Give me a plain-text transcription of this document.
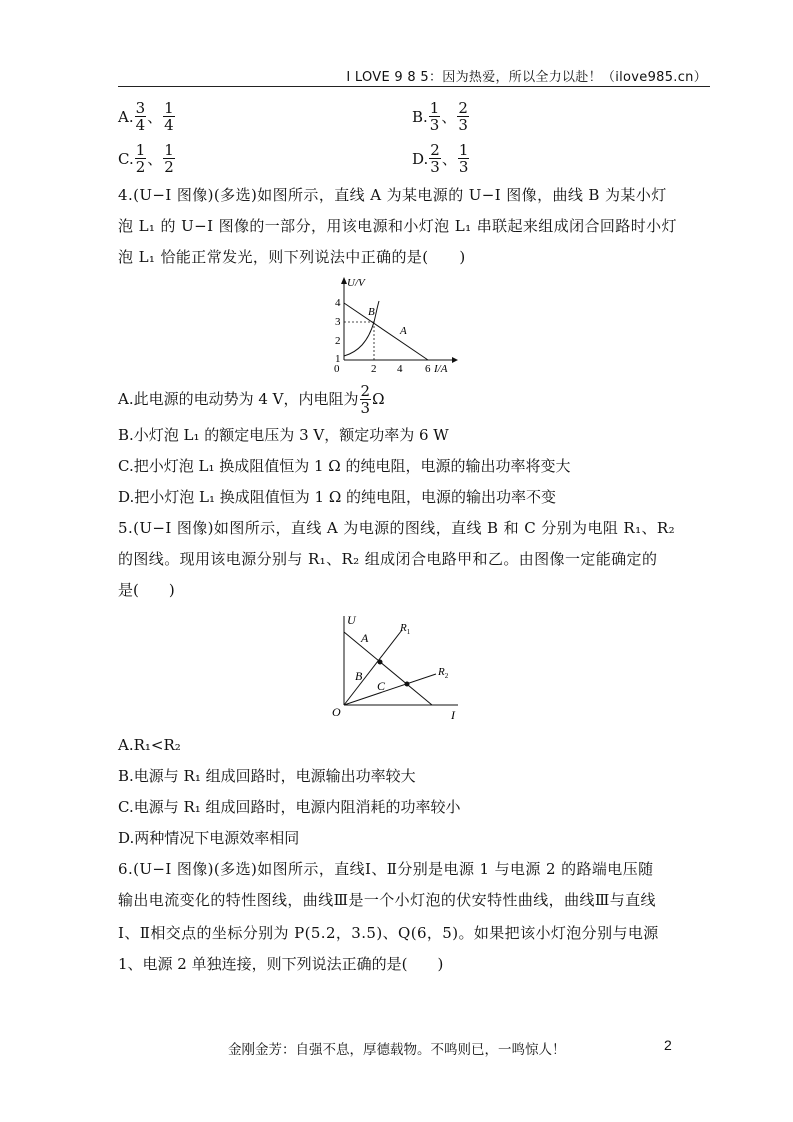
I LOVE 9 8 5：因为热爱，所以全力以赴！（ilove985.cn）
A. $\frac{3}{4}$ 、 $\frac{1}{4}$	B. $\frac{1}{3}$ 、 $\frac{2}{3}$
C. $\frac{1}{2}$ 、 $\frac{1}{2}$	D. $\frac{2}{3}$ 、 $\frac{1}{3}$
4.(U−I 图像)(多选)如图所示，直线 A 为某电源的 U−I 图像，曲线 B 为某小灯泡 L₁ 的 U−I 图像的一部分，用该电源和小灯泡 L₁ 串联起来组成闭合回路时小灯泡 L₁ 恰能正常发光，则下列说法中正确的是(　　)
U/V
I/A
4
3
2
1
0	2 4 6
B
A
A.此电源的电动势为 4 V，内电阻为 $\frac{2}{3}$ Ω
B.小灯泡 L₁ 的额定电压为 3 V，额定功率为 6 W
C.把小灯泡 L₁ 换成阻值恒为 1 Ω 的纯电阻，电源的输出功率将变大
D.把小灯泡 L₁ 换成阻值恒为 1 Ω 的纯电阻，电源的输出功率不变
5.(U−I 图像)如图所示，直线 A 为电源的图线，直线 B 和 C 分别为电阻 R₁、R₂
的图线。现用该电源分别与 R₁、R₂ 组成闭合电路甲和乙。由图像一定能确定的
是(　　)
U
I
O
A
B
C
$R_1$
$R_2$
A.R₁<R₂
B.电源与 R₁ 组成回路时，电源输出功率较大
C.电源与 R₁ 组成回路时，电源内阻消耗的功率较小
D.两种情况下电源效率相同
6.(U−I 图像)(多选)如图所示，直线Ⅰ、Ⅱ分别是电源 1 与电源 2 的路端电压随
输出电流变化的特性图线，曲线Ⅲ是一个小灯泡的伏安特性曲线，曲线Ⅲ与直线
Ⅰ、Ⅱ相交点的坐标分别为 P(5.2，3.5)、Q(6，5)。如果把该小灯泡分别与电源
1、电源 2 单独连接，则下列说法正确的是(　　)
金刚金芳：自强不息，厚德载物。不鸣则已，一鸣惊人！	2
